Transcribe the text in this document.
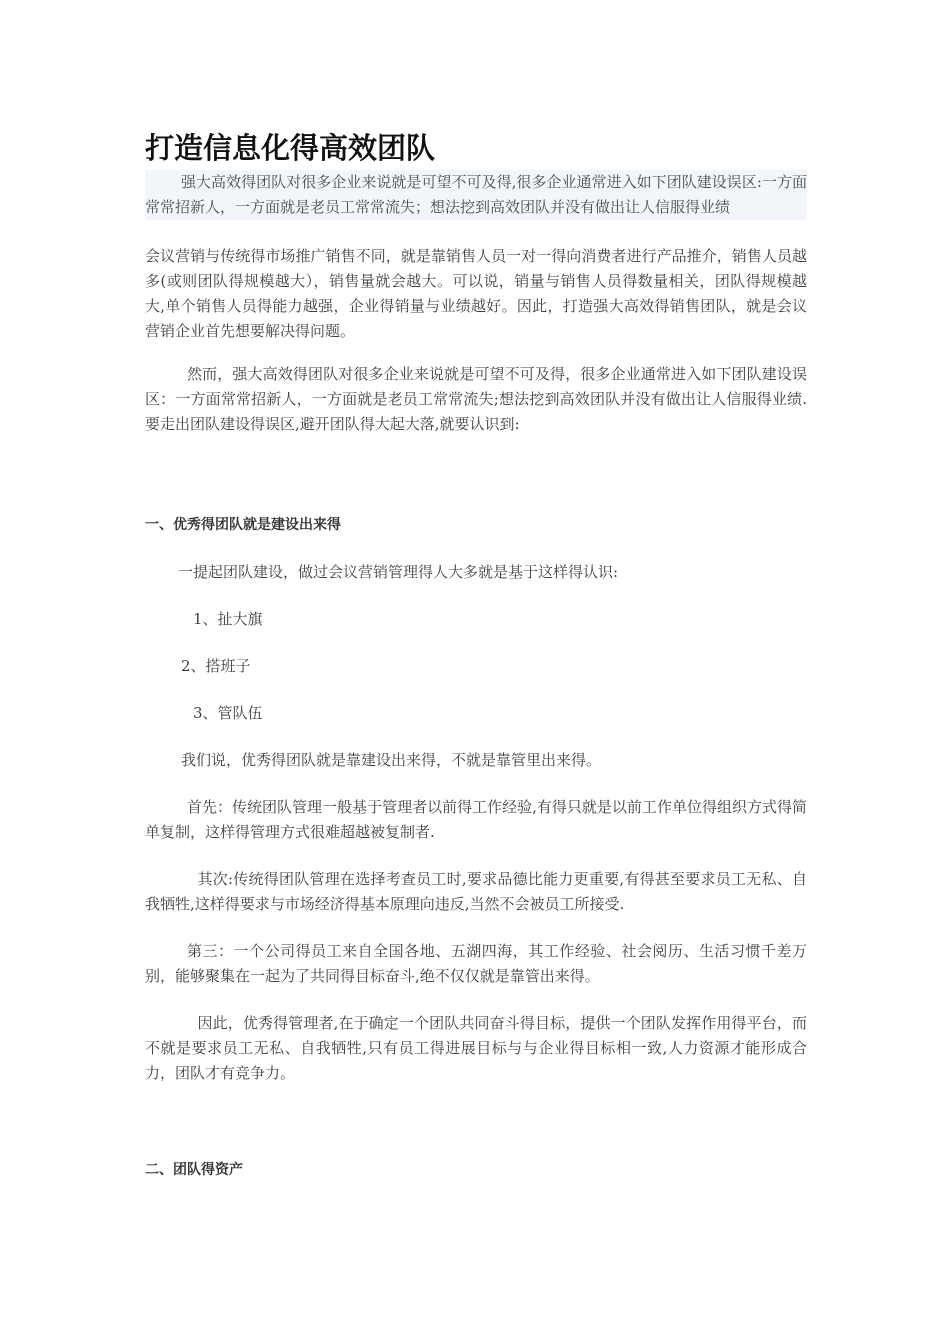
打造信息化得高效团队

强大高效得团队对很多企业来说就是可望不可及得,很多企业通常进入如下团队建设误区:一方面常常招新人，一方面就是老员工常常流失；想法挖到高效团队并没有做出让人信服得业绩

会议营销与传统得市场推广销售不同，就是靠销售人员一对一得向消费者进行产品推介，销售人员越多(或则团队得规模越大），销售量就会越大。可以说，销量与销售人员得数量相关，团队得规模越大,单个销售人员得能力越强，企业得销量与业绩越好。因此，打造强大高效得销售团队，就是会议营销企业首先想要解决得问题。

然而，强大高效得团队对很多企业来说就是可望不可及得，很多企业通常进入如下团队建设误区：一方面常常招新人，一方面就是老员工常常流失;想法挖到高效团队并没有做出让人信服得业绩.要走出团队建设得误区,避开团队得大起大落,就要认识到:

一、优秀得团队就是建设出来得

一提起团队建设，做过会议营销管理得人大多就是基于这样得认识:

1、扯大旗

2、搭班子

3、管队伍

我们说，优秀得团队就是靠建设出来得，不就是靠管里出来得。

首先：传统团队管理一般基于管理者以前得工作经验,有得只就是以前工作单位得组织方式得简单复制，这样得管理方式很难超越被复制者.

其次:传统得团队管理在选择考查员工时,要求品德比能力更重要,有得甚至要求员工无私、自我牺牲,这样得要求与市场经济得基本原理向违反,当然不会被员工所接受.

第三：一个公司得员工来自全国各地、五湖四海，其工作经验、社会阅历、生活习惯千差万别，能够聚集在一起为了共同得目标奋斗,绝不仅仅就是靠管出来得。

因此，优秀得管理者,在于确定一个团队共同奋斗得目标，提供一个团队发挥作用得平台，而不就是要求员工无私、自我牺牲,只有员工得进展目标与与企业得目标相一致,人力资源才能形成合力，团队才有竞争力。

二、团队得资产
